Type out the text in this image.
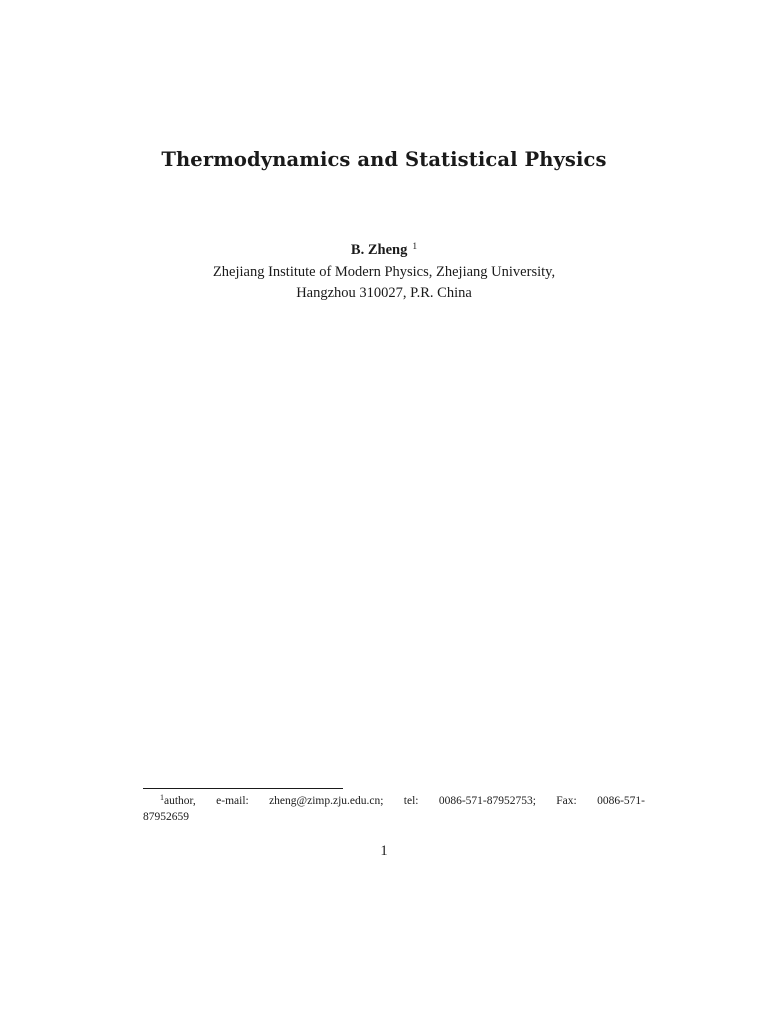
Thermodynamics and Statistical Physics
B. Zheng $^1$
Zhejiang Institute of Modern Physics, Zhejiang University,
Hangzhou 310027, P.R. China
$^1$author, e-mail: zheng@zimp.zju.edu.cn; tel: 0086-571-87952753; Fax: 0086-571-
87952659
1
